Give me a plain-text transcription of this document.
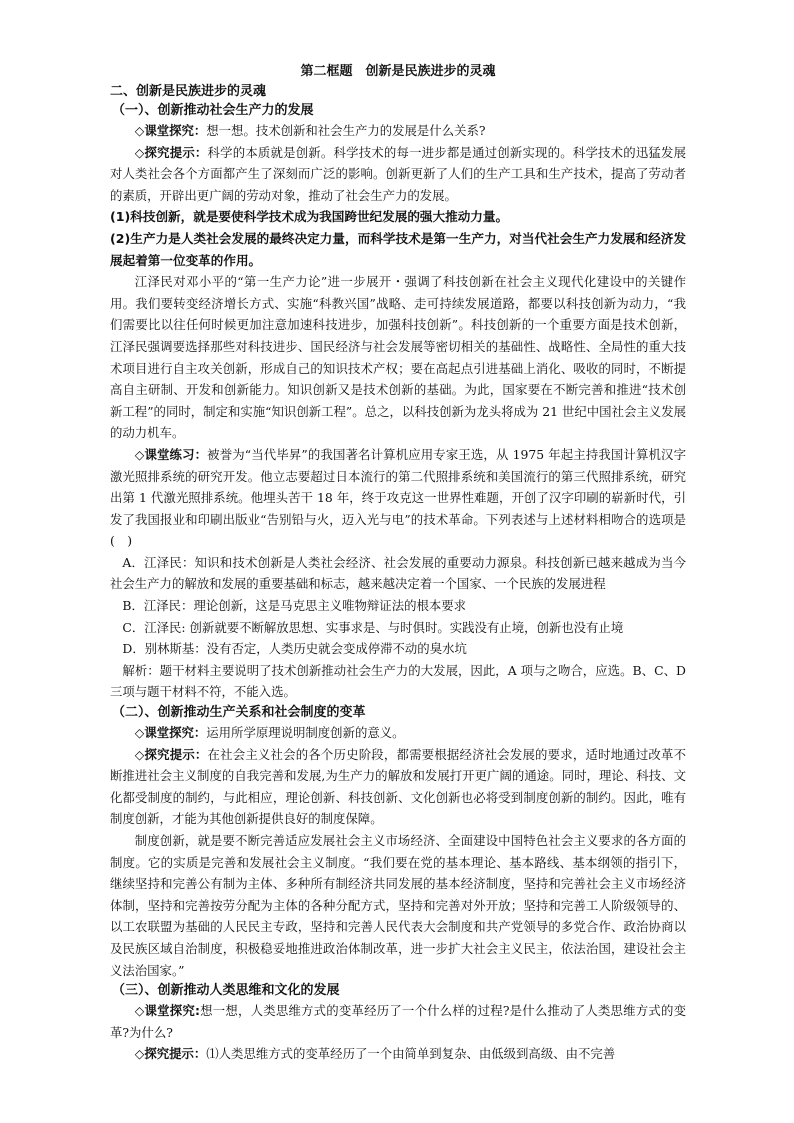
第二框题　创新是民族进步的灵魂
二、创新是民族进步的灵魂
（一）、创新推动社会生产力的发展

◇课堂探究：想一想。技术创新和社会生产力的发展是什么关系?

◇探究提示：科学的本质就是创新。科学技术的每一进步都是通过创新实现的。科学技术的迅猛发展对人类社会各个方面都产生了深刻而广泛的影响。创新更新了人们的生产工具和生产技术，提高了劳动者的素质，开辟出更广阔的劳动对象，推动了社会生产力的发展。

(1)科技创新，就是要使科学技术成为我国跨世纪发展的强大推动力量。

(2)生产力是人类社会发展的最终决定力量，而科学技术是第一生产力，对当代社会生产力发展和经济发展起着第一位变革的作用。

江泽民对邓小平的“第一生产力论”进一步展开・强调了科技创新在社会主义现代化建设中的关键作用。我们要转变经济增长方式、实施“科教兴国”战略、走可持续发展道路，都要以科技创新为动力，“我们需要比以往任何时候更加注意加速科技进步，加强科技创新”。科技创新的一个重要方面是技术创新，江泽民强调要选择那些对科技进步、国民经济与社会发展等密切相关的基础性、战略性、全局性的重大技术项目进行自主攻关创新，形成自己的知识技术产权；要在高起点引进基础上消化、吸收的同时，不断提高自主研制、开发和创新能力。知识创新又是技术创新的基础。为此，国家要在不断完善和推进“技术创新工程”的同时，制定和实施“知识创新工程”。总之，以科技创新为龙头将成为 21 世纪中国社会主义发展的动力机车。

◇课堂练习：被誉为“当代毕昇”的我国著名计算机应用专家王选，从 1975 年起主持我国计算机汉字激光照排系统的研究开发。他立志要超过日本流行的第二代照排系统和美国流行的第三代照排系统，研究出第 1 代激光照排系统。他埋头苦干 18 年，终于攻克这一世界性难题，开创了汉字印刷的崭新时代，引发了我国报业和印刷出版业“告别铅与火，迈入光与电”的技术革命。下列表述与上述材料相吻合的选项是(　)

A．江泽民：知识和技术创新是人类社会经济、社会发展的重要动力源泉。科技创新已越来越成为当今社会生产力的解放和发展的重要基础和标志，越来越决定着一个国家、一个民族的发展进程

B．江泽民：理论创新，这是马克思主义唯物辩证法的根本要求

C．江泽民: 创新就要不断解放思想、实事求是、与时俱时。实践没有止境，创新也没有止境

D．别林斯基：没有否定，人类历史就会变成停滞不动的臭水坑

解析：题干材料主要说明了技术创新推动社会生产力的大发展，因此，A 项与之吻合，应选。B、C、D 三项与题干材料不符，不能入选。

（二）、创新推动生产关系和社会制度的变革

◇课堂探究：运用所学原理说明制度创新的意义。

◇探究提示：在社会主义社会的各个历史阶段，都需要根据经济社会发展的要求，适时地通过改革不断推进社会主义制度的自我完善和发展,为生产力的解放和发展打开更广阔的通途。同时，理论、科技、文化都受制度的制约，与此相应，理论创新、科技创新、文化创新也必将受到制度创新的制约。因此，唯有制度创新，才能为其他创新提供良好的制度保障。

制度创新，就是要不断完善适应发展社会主义市场经济、全面建设中国特色社会主义要求的各方面的制度。它的实质是完善和发展社会主义制度。“我们要在党的基本理论、基本路线、基本纲领的指引下，继续坚持和完善公有制为主体、多种所有制经济共同发展的基本经济制度，坚持和完善社会主义市场经济体制，坚持和完善按劳分配为主体的各种分配方式，坚持和完善对外开放；坚持和完善工人阶级领导的、以工农联盟为基础的人民民主专政，坚持和完善人民代表大会制度和共产党领导的多党合作、政治协商以及民族区域自治制度，积极稳妥地推进政治体制改革，进一步扩大社会主义民主，依法治国，建设社会主义法治国家。”

（三）、创新推动人类思维和文化的发展

◇课堂探究:想一想，人类思维方式的变革经历了一个什么样的过程?是什么推动了人类思维方式的变革?为什么?

◇探究提示：⑴人类思维方式的变革经历了一个由简单到复杂、由低级到高级、由不完善
